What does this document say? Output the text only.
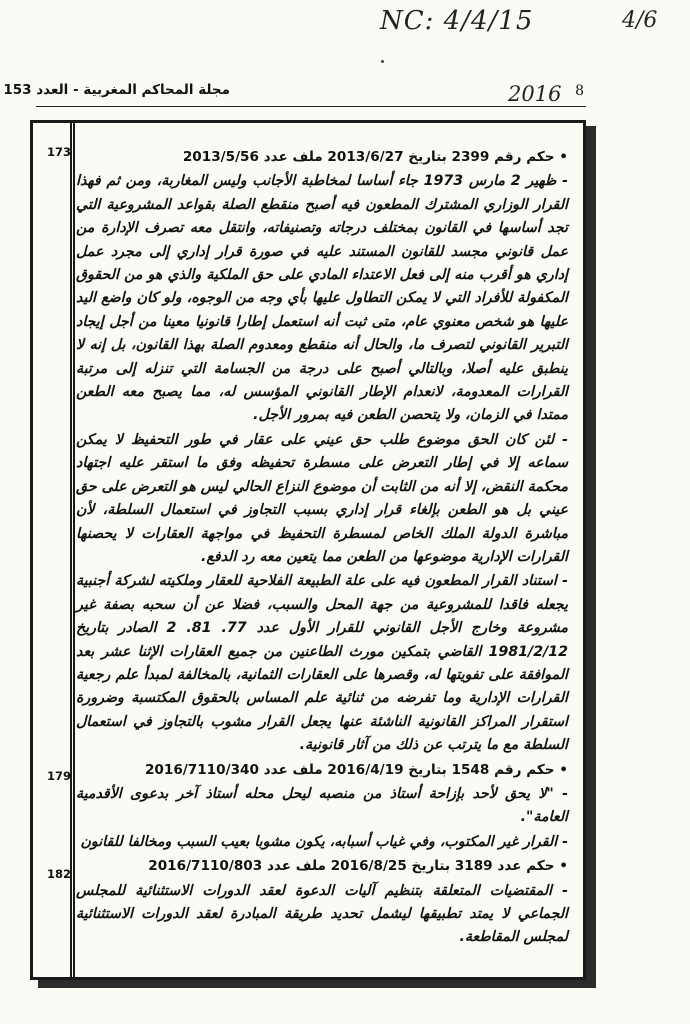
NC: 4/4/15	4/6
مجلة المحاكم المغربية - العدد 153	8
2016
173
179
182

• حكم رقم 2399 بتاريخ 2013/6/27 ملف عدد 2013/5/56

- ظهير 2 مارس 1973 جاء أساسا لمخاطبة الأجانب وليس المغاربة، ومن ثم فهذا القرار الوزاري المشترك المطعون فيه أصبح منقطع الصلة بقواعد المشروعية التي تجد أساسها في القانون بمختلف درجاته وتصنيفاته، وانتقل معه تصرف الإدارة من عمل قانوني مجسد للقانون المستند عليه في صورة قرار إداري إلى مجرد عمل إداري هو أقرب منه إلى فعل الاعتداء المادي على حق الملكية والذي هو من الحقوق المكفولة للأفراد التي لا يمكن التطاول عليها بأي وجه من الوجوه، ولو كان واضع اليد عليها هو شخص معنوي عام، متى ثبت أنه استعمل إطارا قانونيا معينا من أجل إيجاد التبرير القانوني لتصرف ما، والحال أنه منقطع ومعدوم الصلة بهذا القانون، بل إنه لا ينطبق عليه أصلا، وبالتالي أصبح على درجة من الجسامة التي تنزله إلى مرتبة القرارات المعدومة، لانعدام الإطار القانوني المؤسس له، مما يصبح معه الطعن ممتدا في الزمان، ولا يتحصن الطعن فيه بمرور الأجل.

- لئن كان الحق موضوع طلب حق عيني على عقار في طور التحفيظ لا يمكن سماعه إلا في إطار التعرض على مسطرة تحفيظه وفق ما استقر عليه اجتهاد محكمة النقض، إلا أنه من الثابت أن موضوع النزاع الحالي ليس هو التعرض على حق عيني بل هو الطعن بإلغاء قرار إداري بسبب التجاوز في استعمال السلطة، لأن مباشرة الدولة الملك الخاص لمسطرة التحفيظ في مواجهة العقارات لا يحصنها القرارات الإدارية موضوعها من الطعن مما يتعين معه رد الدفع.

- استناد القرار المطعون فيه على علة الطبيعة الفلاحية للعقار وملكيته لشركة أجنبية يجعله فاقدا للمشروعية من جهة المحل والسبب، فضلا عن أن سحبه بصفة غير مشروعة وخارج الأجل القانوني للقرار الأول عدد 77. 81. 2 الصادر بتاريخ 1981/2/12 القاضي بتمكين مورث الطاعنين من جميع العقارات الإثنا عشر بعد الموافقة على تفويتها له، وقصرها على العقارات الثمانية، بالمخالفة لمبدأ علم رجعية القرارات الإدارية وما تفرضه من ثنائية علم المساس بالحقوق المكتسبة وضرورة استقرار المراكز القانونية الناشئة عنها يجعل القرار مشوب بالتجاوز في استعمال السلطة مع ما يترتب عن ذلك من آثار قانونية.

• حكم رقم 1548 بتاريخ 2016/4/19 ملف عدد 2016/7110/340

- "لا يحق لأحد بإزاحة أستاذ من منصبه ليحل محله أستاذ آخر بدعوى الأقدمية العامة".

- القرار غير المكتوب، وفي غياب أسبابه، يكون مشوبا بعيب السبب ومخالفا للقانون

• حكم عدد 3189 بتاريخ 2016/8/25 ملف عدد 2016/7110/803

- المقتضيات المتعلقة بتنظيم آليات الدعوة لعقد الدورات الاستثنائية للمجلس الجماعي لا يمتد تطبيقها ليشمل تحديد طريقة المبادرة لعقد الدورات الاستثنائية لمجلس المقاطعة.
